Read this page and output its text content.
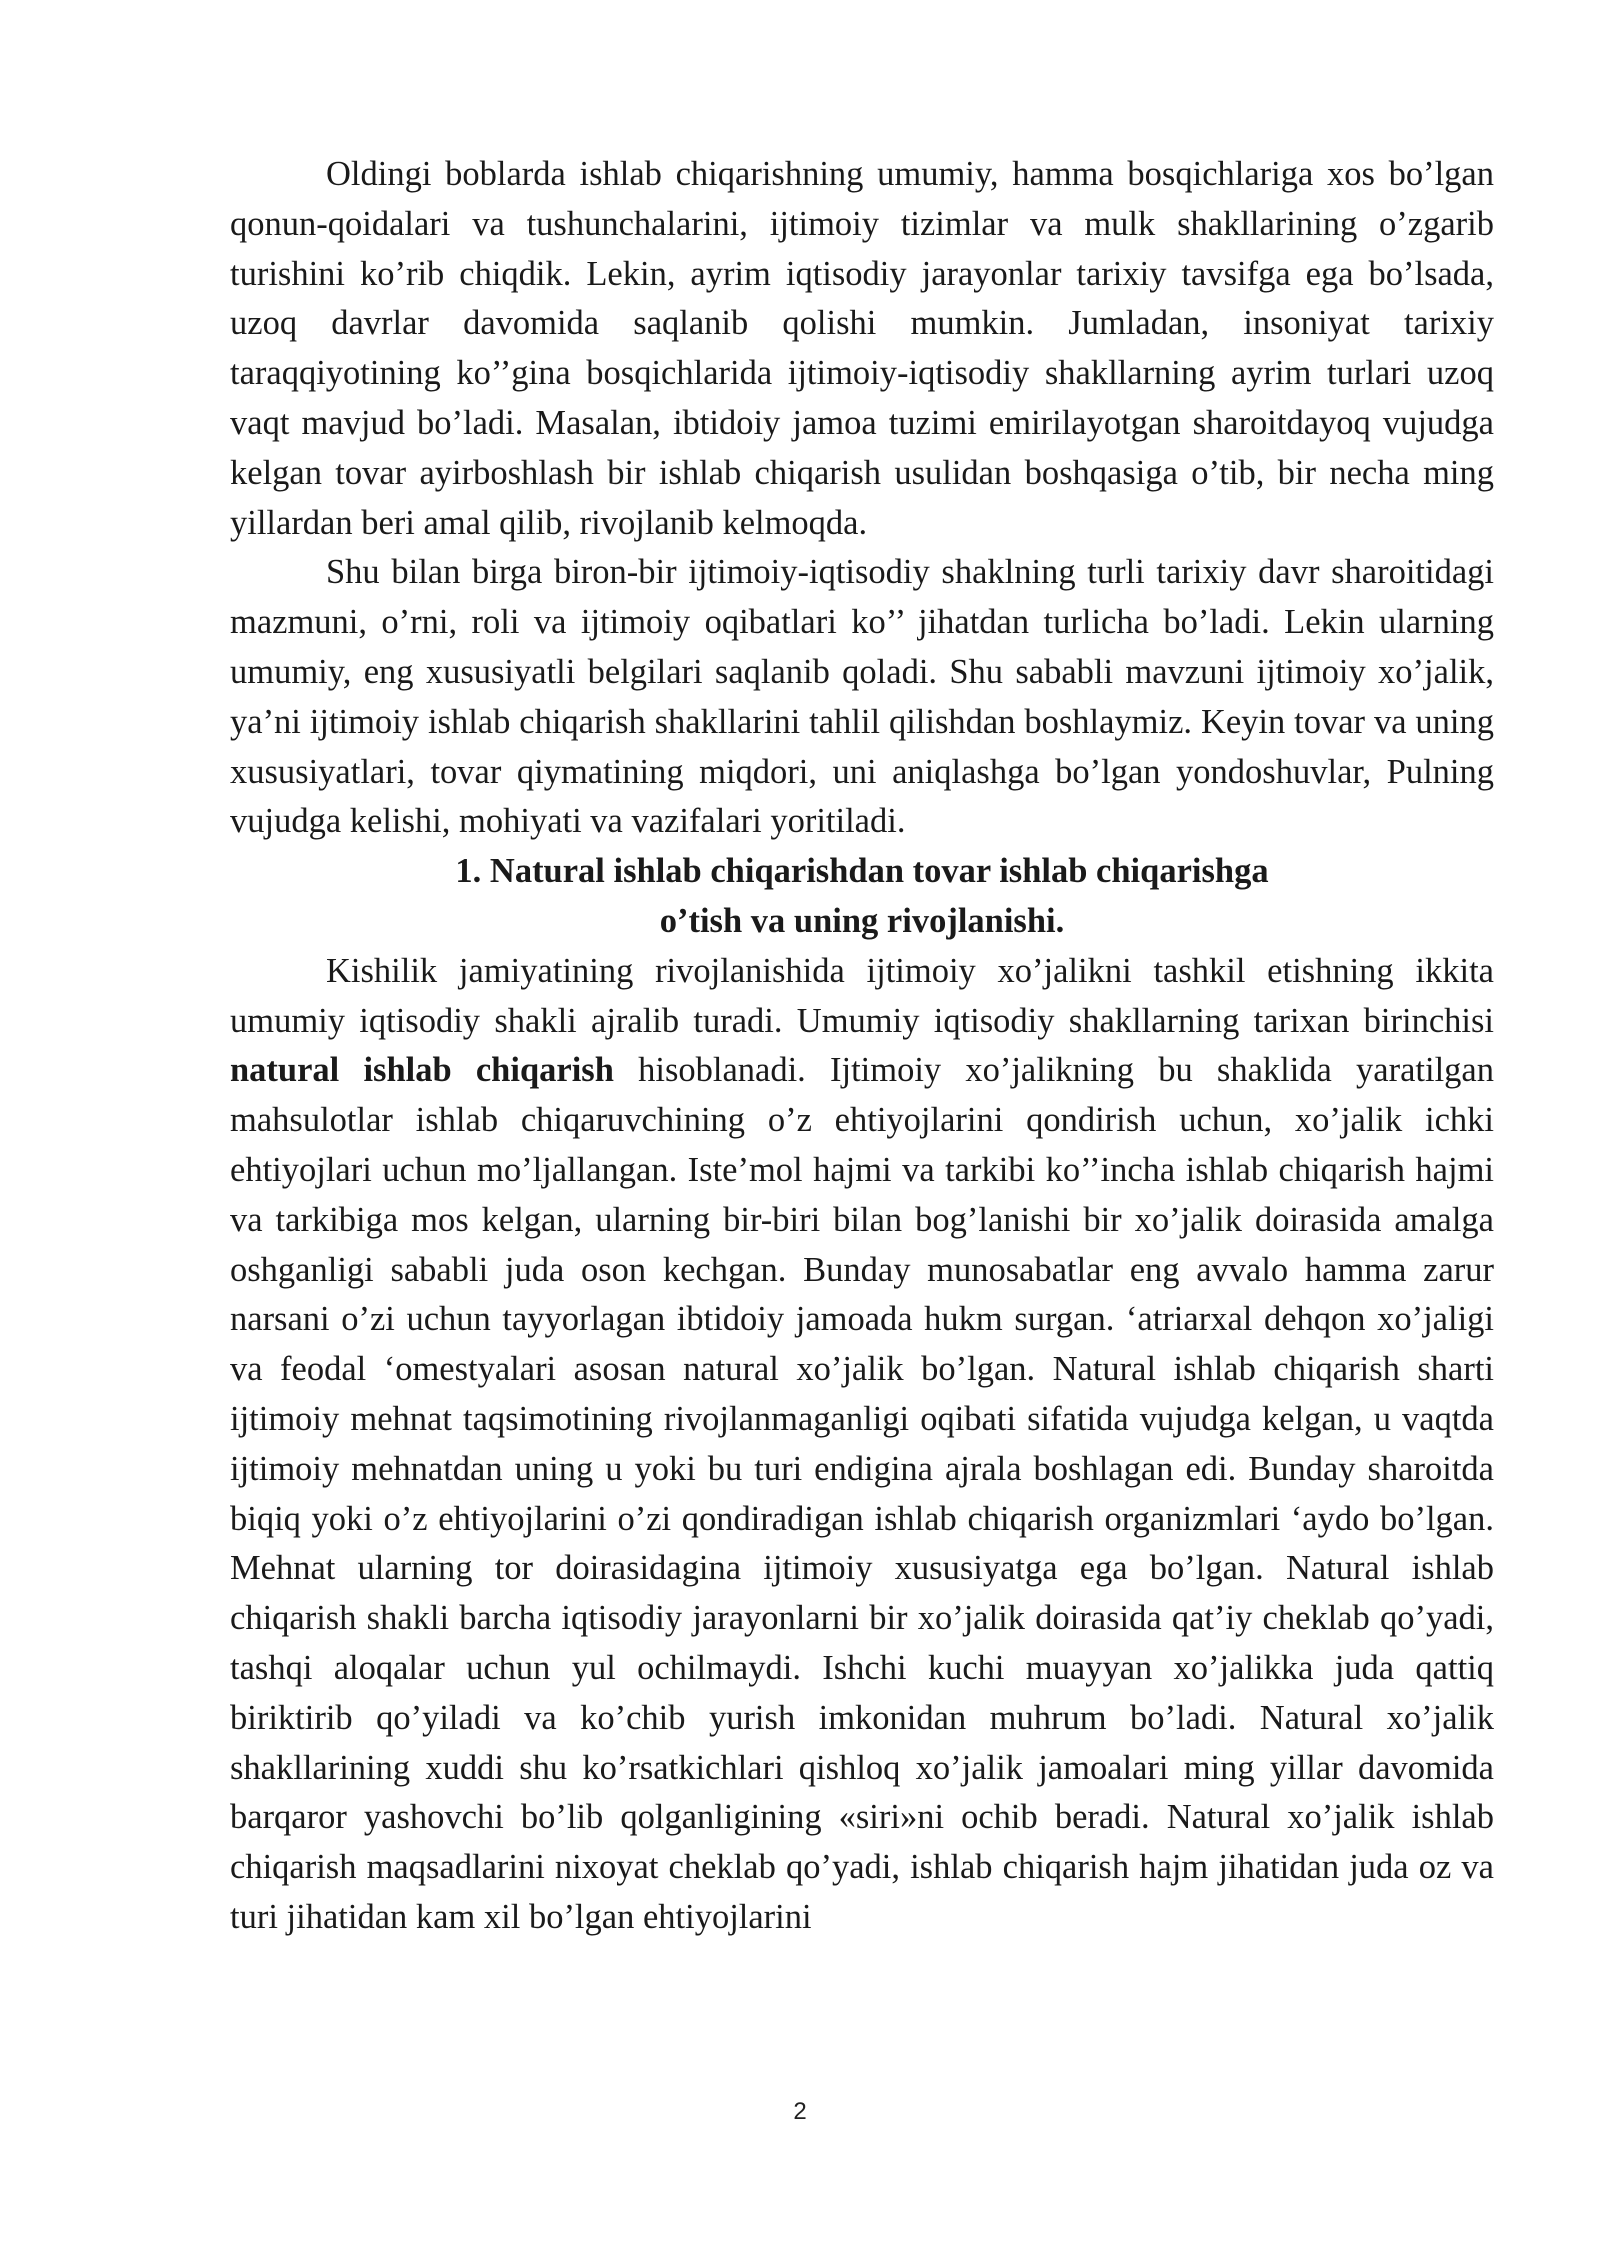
Oldingi boblarda ishlab chiqarishning umumiy, hamma bosqichlariga xos bo’lgan qonun-qoidalari va tushunchalarini, ijtimoiy tizimlar va mulk shakllarining o’zgarib turishini ko’rib chiqdik. Lekin, ayrim iqtisodiy jarayonlar tarixiy tavsifga ega bo’lsada, uzoq davrlar davomida saqlanib qolishi mumkin. Jumladan, insoniyat tarixiy taraqqiyotining ko’’gina bosqichlarida ijtimoiy-iqtisodiy shakllarning ayrim turlari uzoq vaqt mavjud bo’ladi. Masalan, ibtidoiy jamoa tuzimi emirilayotgan sharoitdayoq vujudga kelgan tovar ayirboshlash bir ishlab chiqarish usulidan boshqasiga o’tib, bir necha ming yillardan beri amal qilib, rivojlanib kelmoqda.

Shu bilan birga biron-bir ijtimoiy-iqtisodiy shaklning turli tarixiy davr sharoitidagi mazmuni, o’rni, roli va ijtimoiy oqibatlari ko’’ jihatdan turlicha bo’ladi. Lekin ularning umumiy, eng xususiyatli belgilari saqlanib qoladi. Shu sababli mavzuni ijtimoiy xo’jalik, ya’ni ijtimoiy ishlab chiqarish shakllarini tahlil qilishdan boshlaymiz. Keyin tovar va uning xususiyatlari, tovar qiymatining miqdori, uni aniqlashga bo’lgan yondoshuvlar, Pulning vujudga kelishi, mohiyati va vazifalari yoritiladi.

1. Natural ishlab chiqarishdan tovar ishlab chiqarishga
o’tish va uning rivojlanishi.

Kishilik jamiyatining rivojlanishida ijtimoiy xo’jalikni tashkil etishning ikkita umumiy iqtisodiy shakli ajralib turadi. Umumiy iqtisodiy shakllarning tarixan birinchisi natural ishlab chiqarish hisoblanadi. Ijtimoiy xo’jalikning bu shaklida yaratilgan mahsulotlar ishlab chiqaruvchining o’z ehtiyojlarini qondirish uchun, xo’jalik ichki ehtiyojlari uchun mo’ljallangan. Iste’mol hajmi va tarkibi ko’’incha ishlab chiqarish hajmi va tarkibiga mos kelgan, ularning bir-biri bilan bog’lanishi bir xo’jalik doirasida amalga oshganligi sababli juda oson kechgan. Bunday munosabatlar eng avvalo hamma zarur narsani o’zi uchun tayyorlagan ibtidoiy jamoada hukm surgan. ‘atriarxal dehqon xo’jaligi va feodal ‘omestyalari asosan natural xo’jalik bo’lgan. Natural ishlab chiqarish sharti ijtimoiy mehnat taqsimotining rivojlanmaganligi oqibati sifatida vujudga kelgan, u vaqtda ijtimoiy mehnatdan uning u yoki bu turi endigina ajrala boshlagan edi. Bunday sharoitda biqiq yoki o’z ehtiyojlarini o’zi qondiradigan ishlab chiqarish organizmlari ‘aydo bo’lgan. Mehnat ularning tor doirasidagina ijtimoiy xususiyatga ega bo’lgan. Natural ishlab chiqarish shakli barcha iqtisodiy jarayonlarni bir xo’jalik doirasida qat’iy cheklab qo’yadi, tashqi aloqalar uchun yul ochilmaydi. Ishchi kuchi muayyan xo’jalikka juda qattiq biriktirib qo’yiladi va ko’chib yurish imkonidan muhrum bo’ladi. Natural xo’jalik shakllarining xuddi shu ko’rsatkichlari qishloq xo’jalik jamoalari ming yillar davomida barqaror yashovchi bo’lib qolganligining «siri»ni ochib beradi. Natural xo’jalik ishlab chiqarish maqsadlarini nixoyat cheklab qo’yadi, ishlab chiqarish hajm jihatidan juda oz va turi jihatidan kam xil bo’lgan ehtiyojlarini

2
